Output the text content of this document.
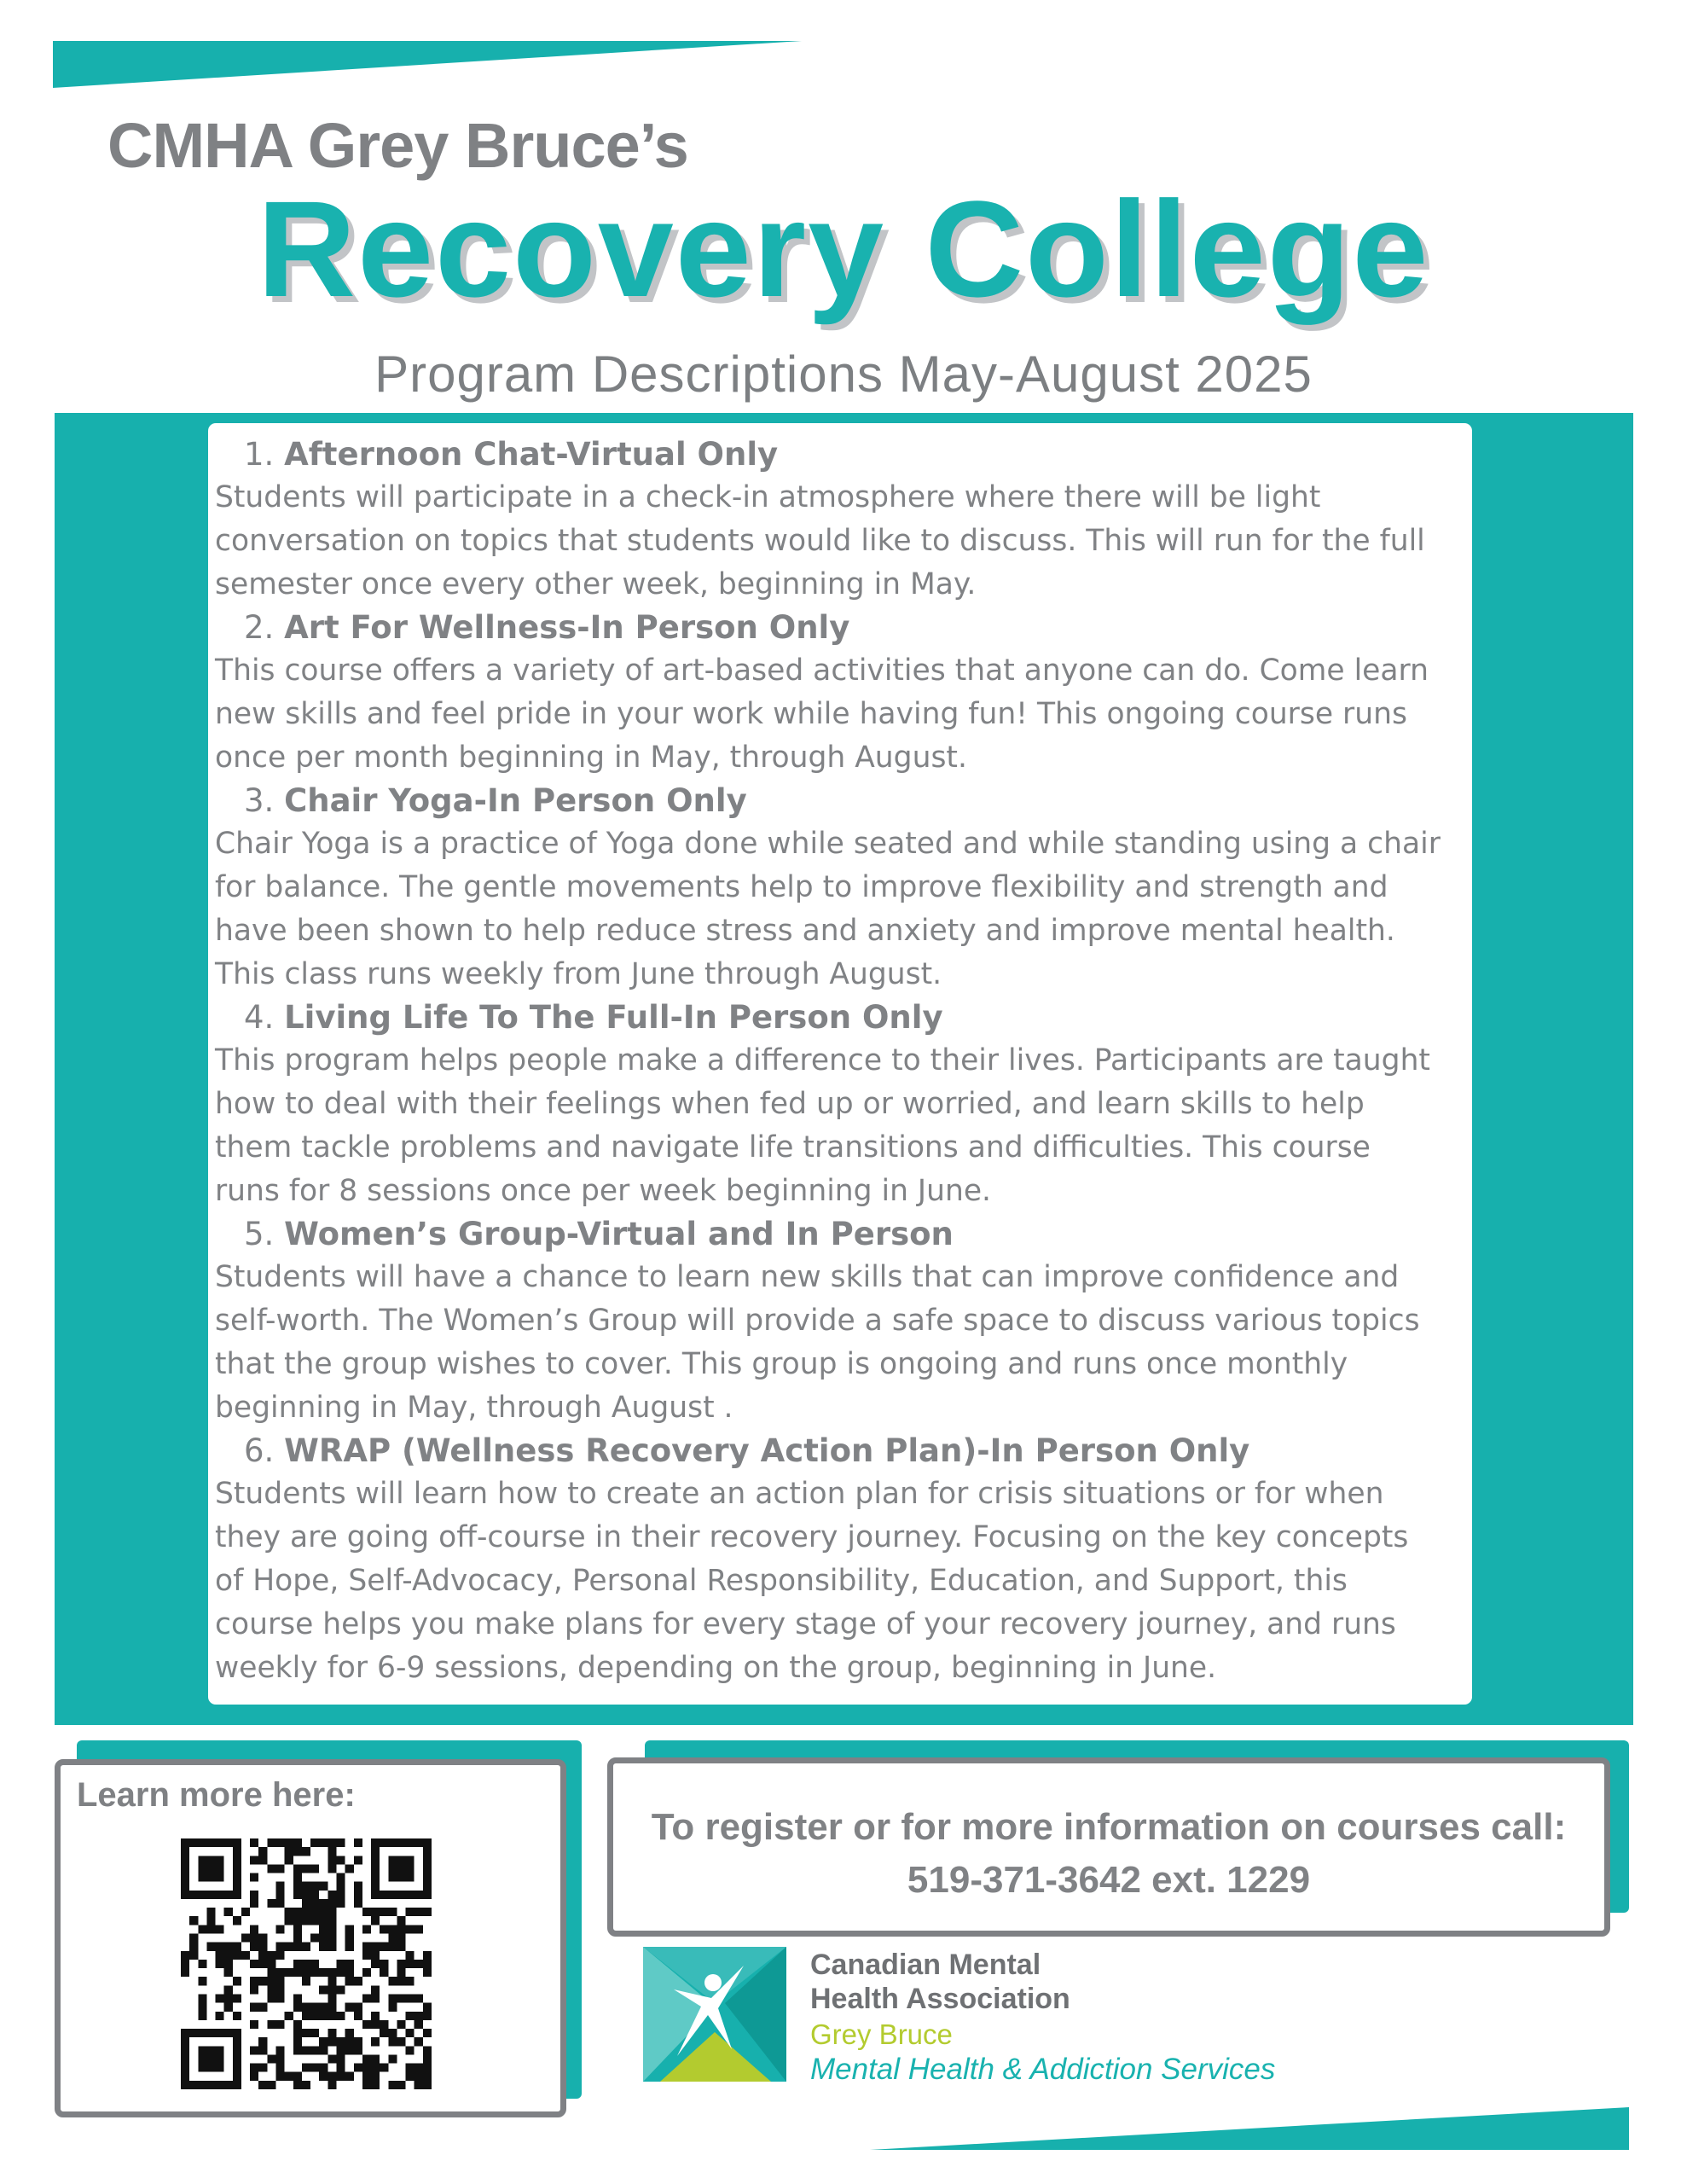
CMHA Grey Bruce’s
Recovery College
Program Descriptions May-August 2025
1. Afternoon Chat-Virtual Only
Students will participate in a check-in atmosphere where there will be light
conversation on topics that students would like to discuss. This will run for the full
semester once every other week, beginning in May.
2. Art For Wellness-In Person Only
This course offers a variety of art-based activities that anyone can do. Come learn
new skills and feel pride in your work while having fun! This ongoing course runs
once per month beginning in May, through August.
3. Chair Yoga-In Person Only
Chair Yoga is a practice of Yoga done while seated and while standing using a chair
for balance. The gentle movements help to improve flexibility and strength and
have been shown to help reduce stress and anxiety and improve mental health.
This class runs weekly from June through August.
4. Living Life To The Full-In Person Only
This program helps people make a difference to their lives. Participants are taught
how to deal with their feelings when fed up or worried, and learn skills to help
them tackle problems and navigate life transitions and difficulties. This course
runs for 8 sessions once per week beginning in June.
5. Women’s Group-Virtual and In Person
Students will have a chance to learn new skills that can improve confidence and
self-worth. The Women’s Group will provide a safe space to discuss various topics
that the group wishes to cover. This group is ongoing and runs once monthly
beginning in May, through August .
6. WRAP (Wellness Recovery Action Plan)-In Person Only
Students will learn how to create an action plan for crisis situations or for when
they are going off-course in their recovery journey. Focusing on the key concepts
of Hope, Self-Advocacy, Personal Responsibility, Education, and Support, this
course helps you make plans for every stage of your recovery journey, and runs
weekly for 6-9 sessions, depending on the group, beginning in June.
Learn more here:
To register or for more information on courses call:
519-371-3642 ext. 1229
Canadian Mental
Health Association
Grey Bruce
Mental Health & Addiction Services
